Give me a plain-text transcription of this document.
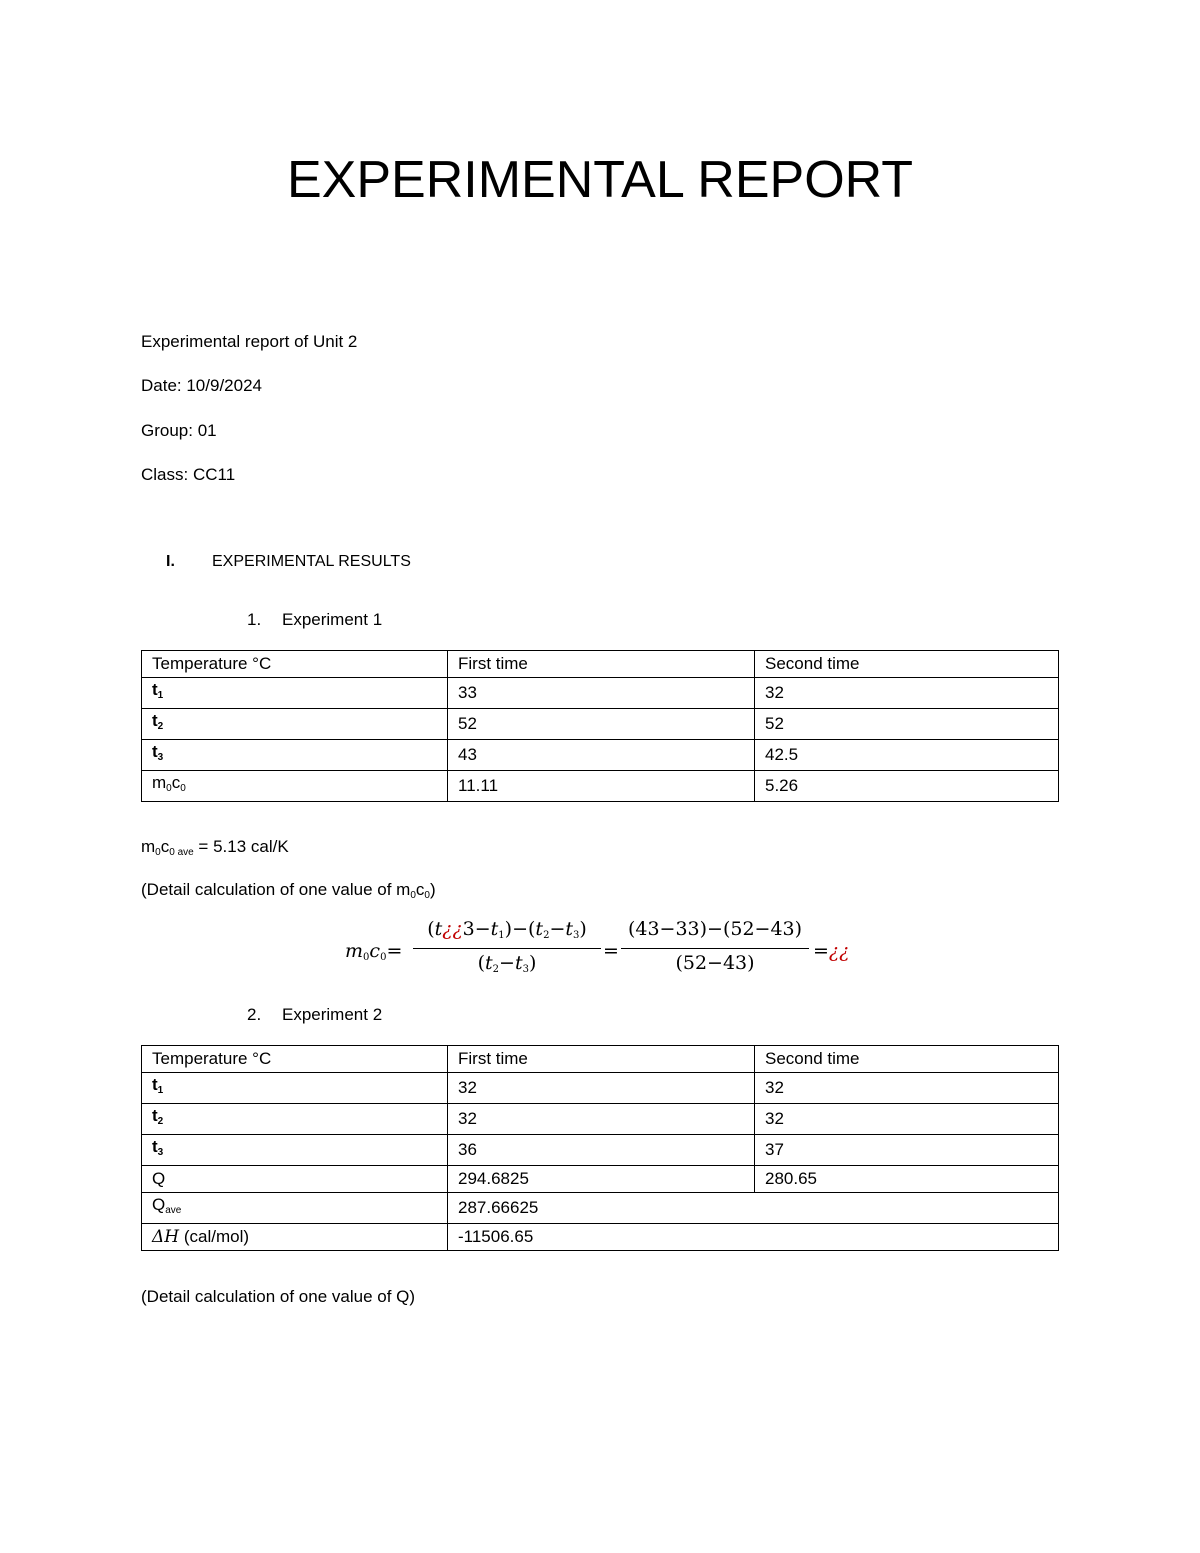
EXPERIMENTAL REPORT
Experimental report of Unit 2
Date: 10/9/2024
Group: 01
Class: CC11
I. EXPERIMENTAL RESULTS
1. Experiment 1
Temperature °C	First time	Second time
$t_1$	33	32
$t_2$	52	52
$t_3$	43	42.5
$m_0c_0$	11.11	5.26
$m_0c_{0 ave} = 5.13$ cal/K
(Detail calculation of one value of $m_0c_0$)
$m_0c_0=$
$(t¿¿3-t_1)-(t_2-t_3)$
$(t_2-t_3)$
=
(43−33)−(52−43)
(52−43)
=¿¿
2. Experiment 2
Temperature °C	First time	Second time
$t_1$	32	32
$t_2$	32	32
$t_3$	36	37
Q	294.6825	280.65
$Q_{ave}$	287.66625	
ΔH (cal/mol)	-11506.65	
(Detail calculation of one value of Q)
